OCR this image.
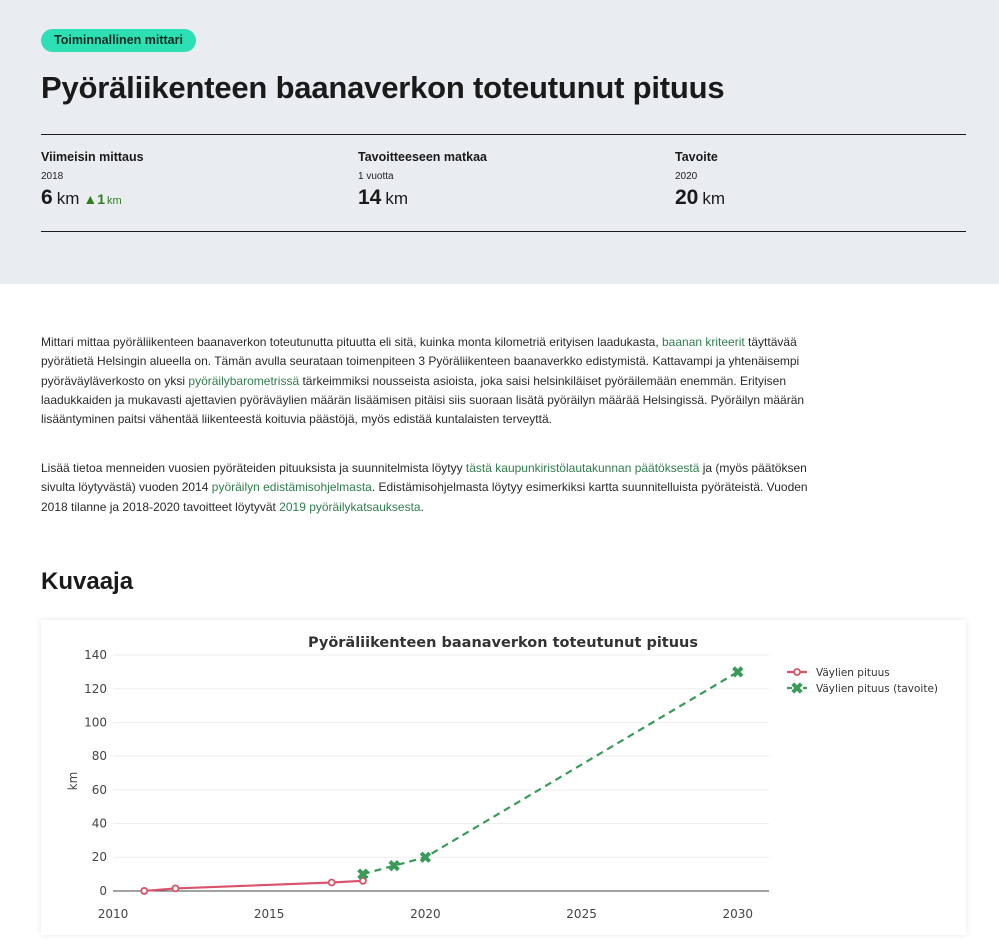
Toiminnallinen mittari
Pyöräliikenteen baanaverkon toteutunut pituus
Viimeisin mittaus
2018
6 km ▲1 km
Tavoitteeseen matkaa
1 vuotta
14 km
Tavoite
2020
20 km

Mittari mittaa pyöräliikenteen baanaverkon toteutunutta pituutta eli sitä, kuinka monta kilometriä erityisen laadukasta, baanan kriteerit täyttävää pyörätietä Helsingin alueella on. Tämän avulla seurataan toimenpiteen 3 Pyöräliikenteen baanaverkko edistymistä. Kattavampi ja yhtenäisempi pyöräväyläverkosto on yksi pyöräilybarometrissä tärkeimmiksi nousseista asioista, joka saisi helsinkiläiset pyöräilemään enemmän. Erityisen laadukkaiden ja mukavasti ajettavien pyöräväylien määrän lisäämisen pitäisi siis suoraan lisätä pyöräilyn määrää Helsingissä. Pyöräilyn määrän lisääntyminen paitsi vähentää liikenteestä koituvia päästöjä, myös edistää kuntalaisten terveyttä.

Lisää tietoa menneiden vuosien pyöräteiden pituuksista ja suunnitelmista löytyy tästä kaupunkiristölautakunnan päätöksestä ja (myös päätöksen sivulta löytyvästä) vuoden 2014 pyöräilyn edistämisohjelmasta. Edistämisohjelmasta löytyy esimerkiksi kartta suunnitelluista pyöräteistä. Vuoden 2018 tilanne ja 2018-2020 tavoitteet löytyvät 2019 pyöräilykatsauksesta.

Kuvaaja
Pyöräliikenteen baanaverkon toteutunut pituus
km
0
20
40
60
80
100
120
140
2010	2015	2020	2025	2030
Väylien pituus
Väylien pituus (tavoite)
